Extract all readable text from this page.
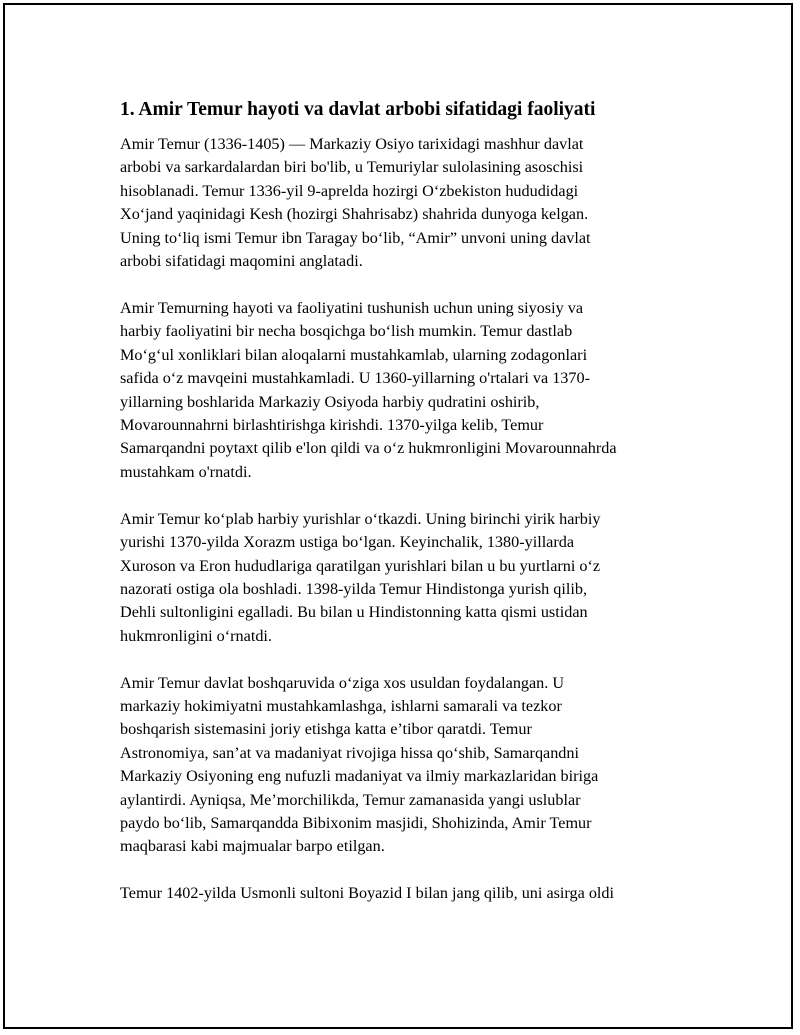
1. Amir Temur hayoti va davlat arbobi sifatidagi faoliyati

Amir Temur (1336-1405) — Markaziy Osiyo tarixidagi mashhur davlat
arbobi va sarkardalardan biri bo'lib, u Temuriylar sulolasining asoschisi
hisoblanadi. Temur 1336-yil 9-aprelda hozirgi O‘zbekiston hududidagi
Xo‘jand yaqinidagi Kesh (hozirgi Shahrisabz) shahrida dunyoga kelgan.
Uning to‘liq ismi Temur ibn Taragay bo‘lib, “Amir” unvoni uning davlat
arbobi sifatidagi maqomini anglatadi.

Amir Temurning hayoti va faoliyatini tushunish uchun uning siyosiy va
harbiy faoliyatini bir necha bosqichga bo‘lish mumkin. Temur dastlab
Mo‘g‘ul xonliklari bilan aloqalarni mustahkamlab, ularning zodagonlari
safida o‘z mavqeini mustahkamladi. U 1360-yillarning o'rtalari va 1370-
yillarning boshlarida Markaziy Osiyoda harbiy qudratini oshirib,
Movarounnahrni birlashtirishga kirishdi. 1370-yilga kelib, Temur
Samarqandni poytaxt qilib e'lon qildi va o‘z hukmronligini Movarounnahrda
mustahkam o'rnatdi.

Amir Temur ko‘plab harbiy yurishlar o‘tkazdi. Uning birinchi yirik harbiy
yurishi 1370-yilda Xorazm ustiga bo‘lgan. Keyinchalik, 1380-yillarda
Xuroson va Eron hududlariga qaratilgan yurishlari bilan u bu yurtlarni o‘z
nazorati ostiga ola boshladi. 1398-yilda Temur Hindistonga yurish qilib,
Dehli sultonligini egalladi. Bu bilan u Hindistonning katta qismi ustidan
hukmronligini o‘rnatdi.

Amir Temur davlat boshqaruvida o‘ziga xos usuldan foydalangan. U
markaziy hokimiyatni mustahkamlashga, ishlarni samarali va tezkor
boshqarish sistemasini joriy etishga katta e’tibor qaratdi. Temur
Astronomiya, san’at va madaniyat rivojiga hissa qo‘shib, Samarqandni
Markaziy Osiyoning eng nufuzli madaniyat va ilmiy markazlaridan biriga
aylantirdi. Ayniqsa, Me’morchilikda, Temur zamanasida yangi uslublar
paydo bo‘lib, Samarqandda Bibixonim masjidi, Shohizinda, Amir Temur
maqbarasi kabi majmualar barpo etilgan.

Temur 1402-yilda Usmonli sultoni Boyazid I bilan jang qilib, uni asirga oldi
